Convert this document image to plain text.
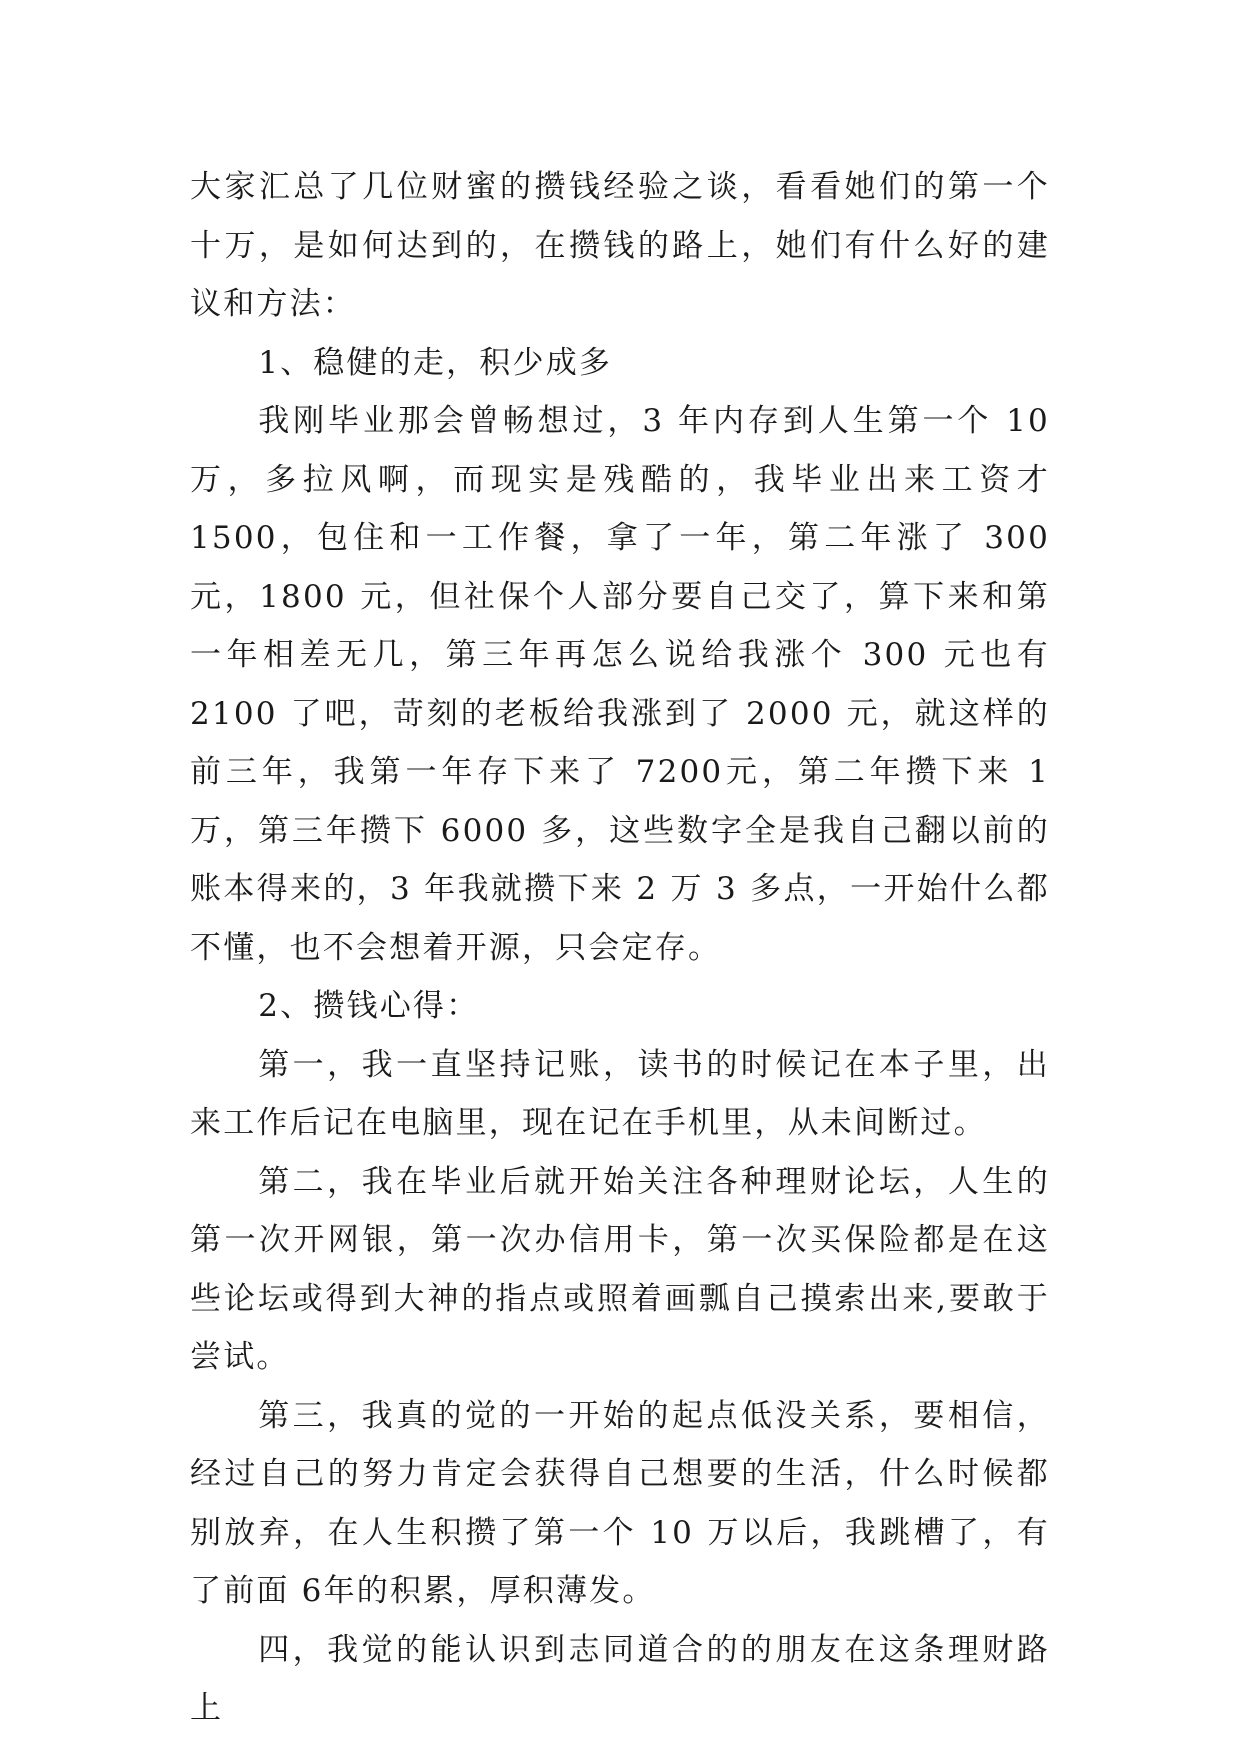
大家汇总了几位财蜜的攒钱经验之谈，看看她们的第一个十万，是如何达到的，在攒钱的路上，她们有什么好的建议和方法：

1、稳健的走，积少成多

我刚毕业那会曾畅想过，3 年内存到人生第一个 10 万，多拉风啊，而现实是残酷的，我毕业出来工资才 1500，包住和一工作餐，拿了一年，第二年涨了 300 元，1800 元，但社保个人部分要自己交了，算下来和第一年相差无几，第三年再怎么说给我涨个 300 元也有 2100 了吧，苛刻的老板给我涨到了 2000 元，就这样的前三年，我第一年存下来了 7200元，第二年攒下来 1 万，第三年攒下 6000 多，这些数字全是我自己翻以前的账本得来的，3 年我就攒下来 2 万 3 多点，一开始什么都不懂，也不会想着开源，只会定存。

2、攒钱心得：

第一，我一直坚持记账，读书的时候记在本子里，出来工作后记在电脑里，现在记在手机里，从未间断过。

第二，我在毕业后就开始关注各种理财论坛，人生的第一次开网银，第一次办信用卡，第一次买保险都是在这些论坛或得到大神的指点或照着画瓢自己摸索出来,要敢于尝试。

第三，我真的觉的一开始的起点低没关系，要相信，经过自己的努力肯定会获得自己想要的生活，什么时候都别放弃，在人生积攒了第一个 10 万以后，我跳槽了，有了前面 6年的积累，厚积薄发。

四，我觉的能认识到志同道合的的朋友在这条理财路上
